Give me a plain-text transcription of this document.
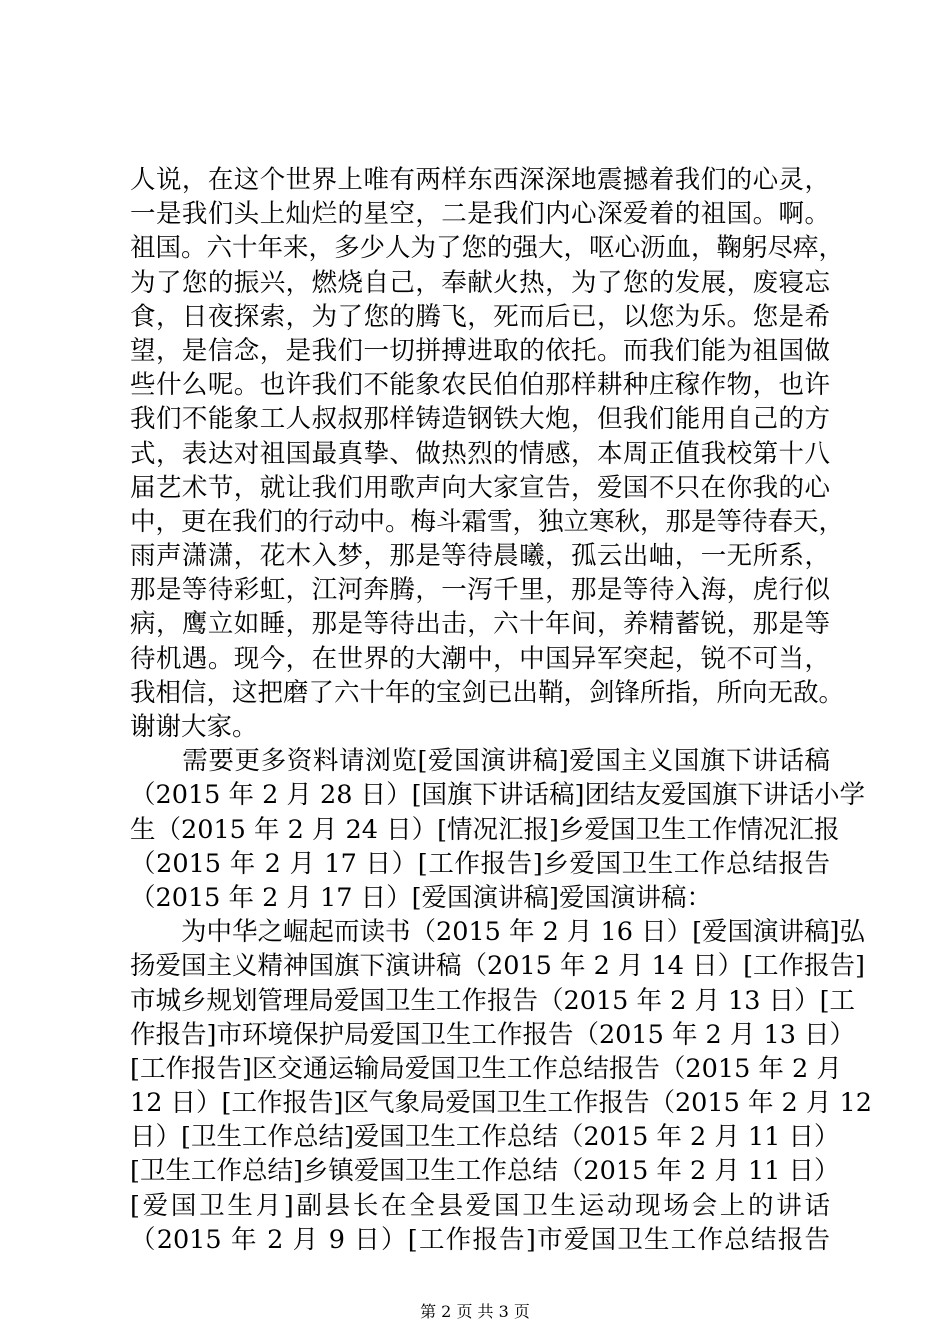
人说，在这个世界上唯有两样东西深深地震撼着我们的心灵，
一是我们头上灿烂的星空，二是我们内心深爱着的祖国。啊。
祖国。六十年来，多少人为了您的强大，呕心沥血，鞠躬尽瘁，
为了您的振兴，燃烧自己，奉献火热，为了您的发展，废寝忘
食，日夜探索，为了您的腾飞，死而后已，以您为乐。您是希
望，是信念，是我们一切拼搏进取的依托。而我们能为祖国做
些什么呢。也许我们不能象农民伯伯那样耕种庄稼作物，也许
我们不能象工人叔叔那样铸造钢铁大炮，但我们能用自己的方
式，表达对祖国最真挚、做热烈的情感，本周正值我校第十八
届艺术节，就让我们用歌声向大家宣告，爱国不只在你我的心
中，更在我们的行动中。梅斗霜雪，独立寒秋，那是等待春天，
雨声潇潇，花木入梦，那是等待晨曦，孤云出岫，一无所系，
那是等待彩虹，江河奔腾，一泻千里，那是等待入海，虎行似
病，鹰立如睡，那是等待出击，六十年间，养精蓄锐，那是等
待机遇。现今，在世界的大潮中，中国异军突起，锐不可当，
我相信，这把磨了六十年的宝剑已出鞘，剑锋所指，所向无敌。
谢谢大家。
　　需要更多资料请浏览[爱国演讲稿]爱国主义国旗下讲话稿
（2015 年 2 月 28 日）[国旗下讲话稿]团结友爱国旗下讲话小学
生（2015 年 2 月 24 日）[情况汇报]乡爱国卫生工作情况汇报
（2015 年 2 月 17 日）[工作报告]乡爱国卫生工作总结报告
（2015 年 2 月 17 日）[爱国演讲稿]爱国演讲稿：
　　为中华之崛起而读书（2015 年 2 月 16 日）[爱国演讲稿]弘
扬爱国主义精神国旗下演讲稿（2015 年 2 月 14 日）[工作报告]
市城乡规划管理局爱国卫生工作报告（2015 年 2 月 13 日）[工
作报告]市环境保护局爱国卫生工作报告（2015 年 2 月 13 日）
[工作报告]区交通运输局爱国卫生工作总结报告（2015 年 2 月
12 日）[工作报告]区气象局爱国卫生工作报告（2015 年 2 月 12
日）[卫生工作总结]爱国卫生工作总结（2015 年 2 月 11 日）
[卫生工作总结]乡镇爱国卫生工作总结（2015 年 2 月 11 日）
[爱国卫生月]副县长在全县爱国卫生运动现场会上的讲话
（2015 年 2 月 9 日）[工作报告]市爱国卫生工作总结报告
第 2 页 共 3 页
